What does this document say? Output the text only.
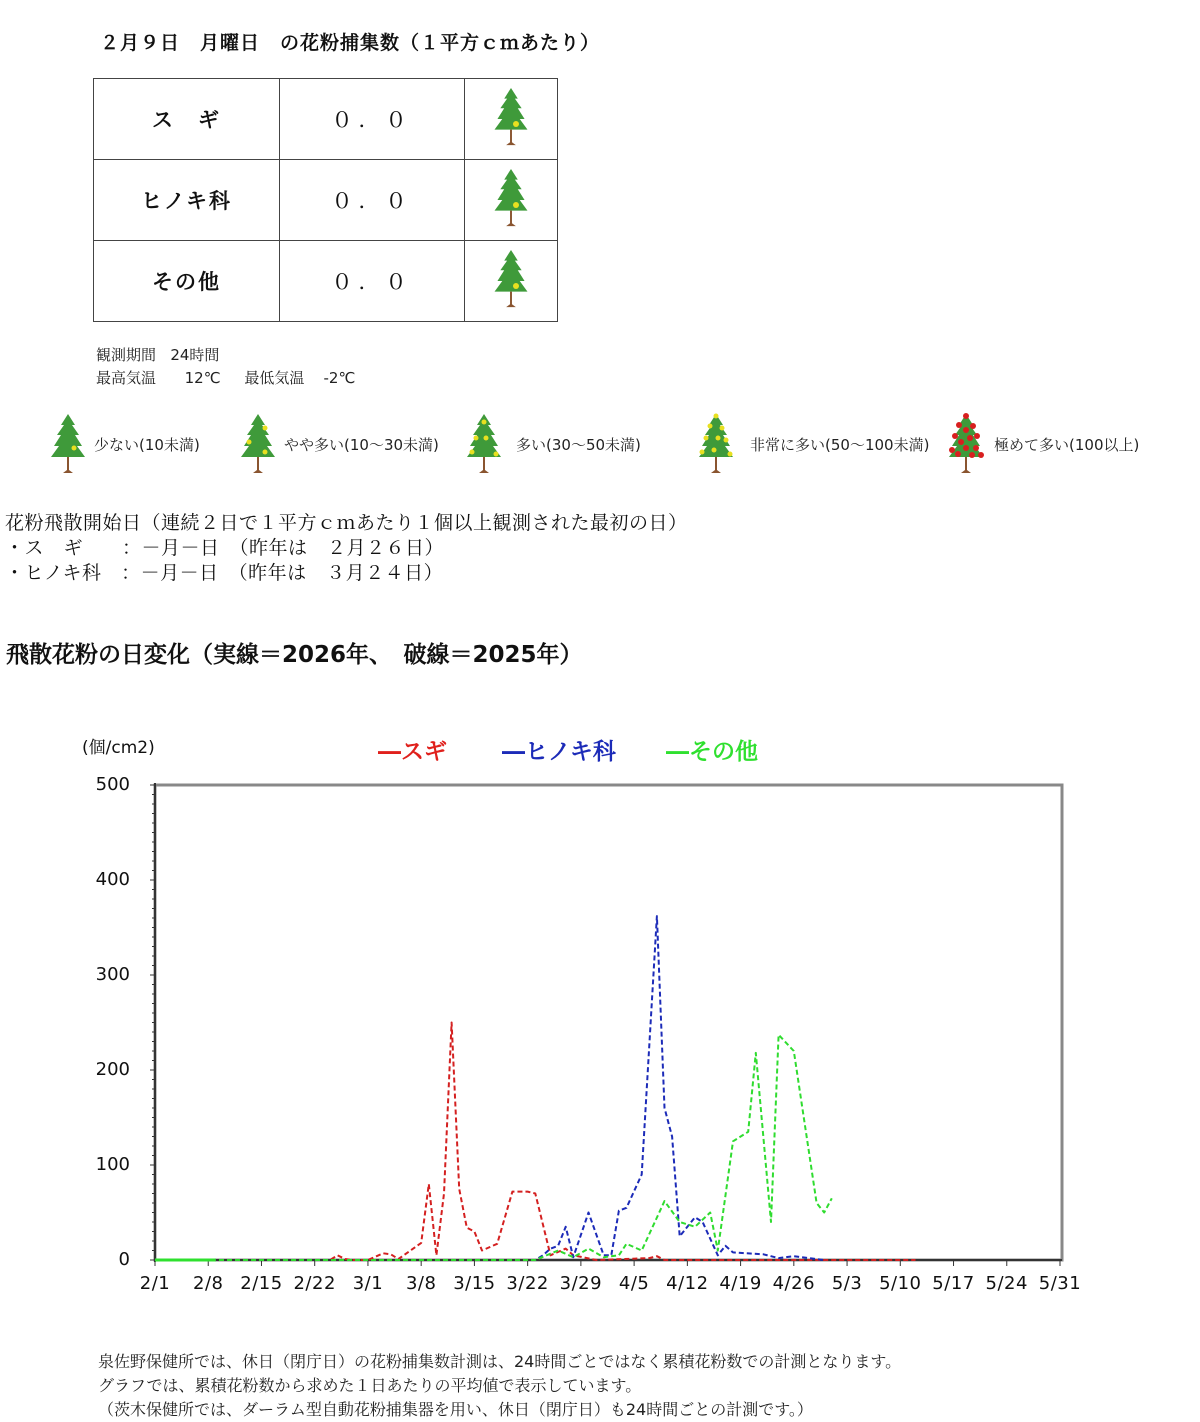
２月９日　月曜日　の花粉捕集数（１平方ｃｍあたり）
ス　ギ	０．０	
ヒノキ科	０．０	
その他	０．０	
観測期間 24時間
最高気温 12℃ 最低気温 -2℃
少ない(10未満)	やや多い(10～30未満)	多い(30～50未満)	非常に多い(50～100未満)	極めて多い(100以上)
花粉飛散開始日（連続２日で１平方ｃｍあたり１個以上観測された最初の日）
・ス　ギ　　：－月－日　 （昨年は　２月２６日）
・ヒノキ科　：－月－日　 （昨年は　３月２４日）
飛散花粉の日変化（実線＝2026年、　破線＝2025年）
(個/cm2)	―スギ ―ヒノキ科 ―その他
500
400
300
200
100
0
2/1	2/8 2/15 2/22 3/1	3/8 3/15 3/22 3/29 4/5 4/12 4/19 4/26 5/3 5/10 5/17 5/24 5/31
泉佐野保健所では、休日（閉庁日）の花粉捕集数計測は、24時間ごとではなく累積花粉数での計測となります。
グラフでは、累積花粉数から求めた１日あたりの平均値で表示しています。
（茨木保健所では、ダーラム型自動花粉捕集器を用い、休日（閉庁日）も24時間ごとの計測です。）
